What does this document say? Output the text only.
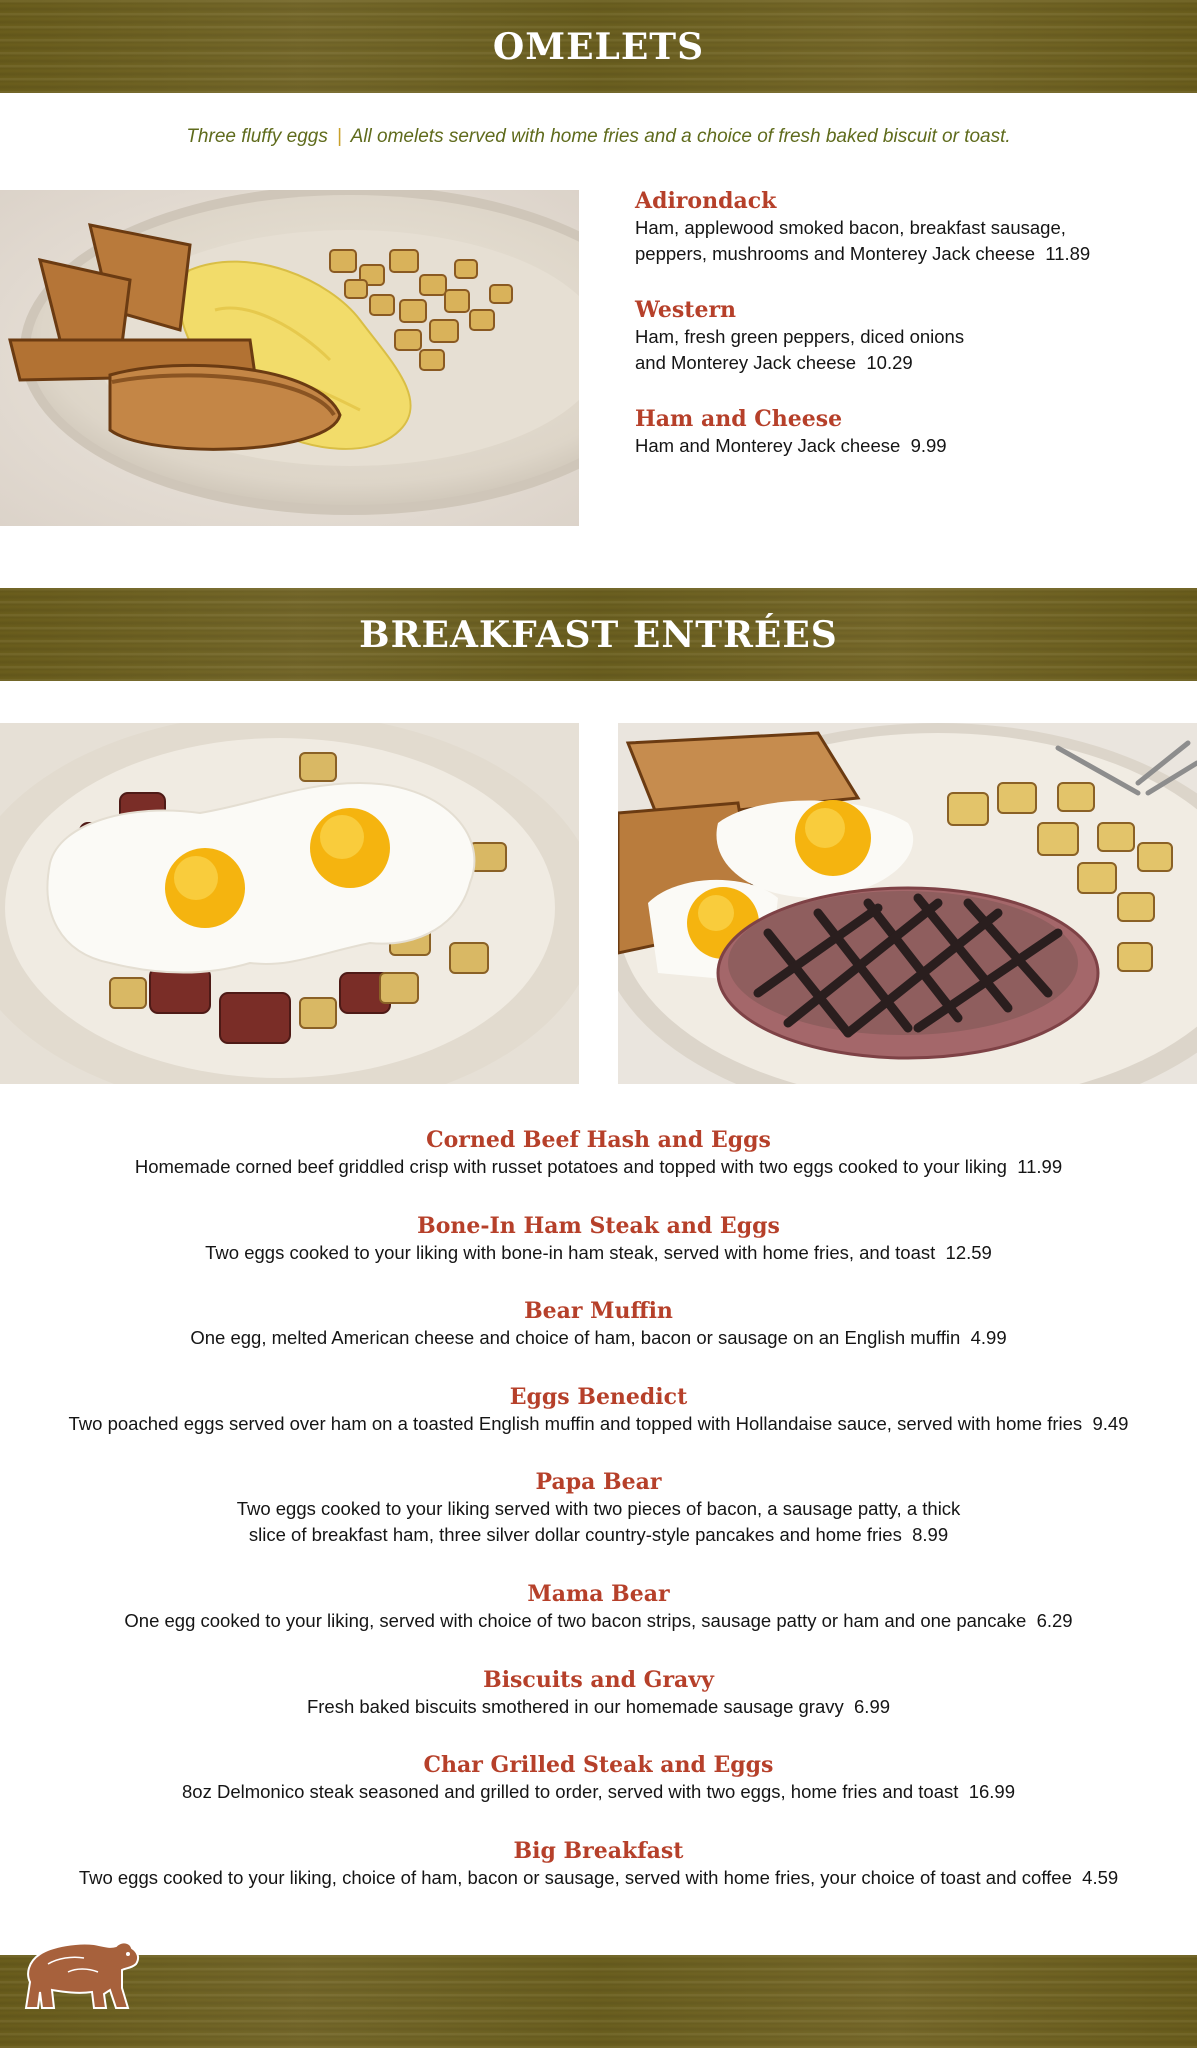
OMELETS
Three fluffy eggs | All omelets served with home fries and a choice of fresh baked biscuit or toast.
Adirondack
Ham, applewood smoked bacon, breakfast sausage,
peppers, mushrooms and Monterey Jack cheese 11.89
Western
Ham, fresh green peppers, diced onions
and Monterey Jack cheese 10.29
Ham and Cheese
Ham and Monterey Jack cheese 9.99
BREAKFAST ENTRÉES
Corned Beef Hash and Eggs
Homemade corned beef griddled crisp with russet potatoes and topped with two eggs cooked to your liking 11.99
Bone-In Ham Steak and Eggs
Two eggs cooked to your liking with bone-in ham steak, served with home fries, and toast 12.59
Bear Muffin
One egg, melted American cheese and choice of ham, bacon or sausage on an English muffin 4.99
Eggs Benedict
Two poached eggs served over ham on a toasted English muffin and topped with Hollandaise sauce, served with home fries 9.49
Papa Bear
Two eggs cooked to your liking served with two pieces of bacon, a sausage patty, a thick
slice of breakfast ham, three silver dollar country-style pancakes and home fries 8.99
Mama Bear
One egg cooked to your liking, served with choice of two bacon strips, sausage patty or ham and one pancake 6.29
Biscuits and Gravy
Fresh baked biscuits smothered in our homemade sausage gravy 6.99
Char Grilled Steak and Eggs
8oz Delmonico steak seasoned and grilled to order, served with two eggs, home fries and toast 16.99
Big Breakfast
Two eggs cooked to your liking, choice of ham, bacon or sausage, served with home fries, your choice of toast and coffee 4.59
